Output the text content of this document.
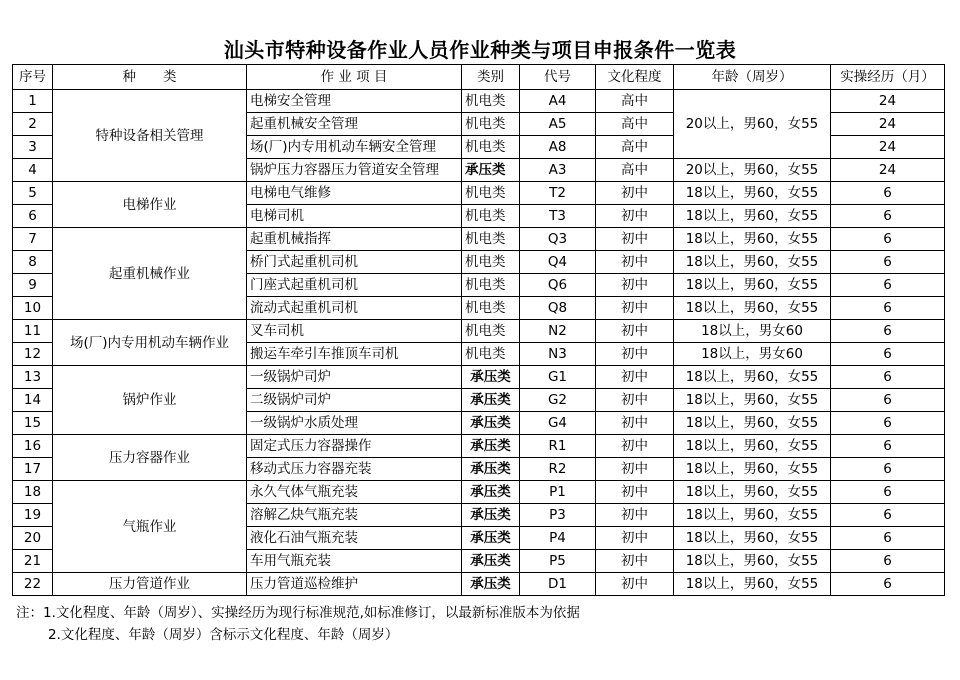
汕头市特种设备作业人员作业种类与项目申报条件一览表
序号	种　　类	作 业 项 目	类别	代号	文化程度	年龄（周岁）	实操经历（月）
1	特种设备相关管理	电梯安全管理	机电类	A4	高中	20以上，男60，女55	24
2		起重机械安全管理	机电类	A5	高中		24
3		场(厂)内专用机动车辆安全管理	机电类	A8	高中		24
4		锅炉压力容器压力管道安全管理	承压类	A3	高中	20以上，男60，女55	24
5	电梯作业	电梯电气维修	机电类	T2	初中	18以上，男60，女55	6
6		电梯司机	机电类	T3	初中	18以上，男60，女55	6
7	起重机械作业	起重机械指挥	机电类	Q3	初中	18以上，男60，女55	6
8		桥门式起重机司机	机电类	Q4	初中	18以上，男60，女55	6
9		门座式起重机司机	机电类	Q6	初中	18以上，男60，女55	6
10		流动式起重机司机	机电类	Q8	初中	18以上，男60，女55	6
11	场(厂)内专用机动车辆作业	叉车司机	机电类	N2	初中	18以上，男女60	6
12		搬运车牵引车推顶车司机	机电类	N3	初中	18以上，男女60	6
13	锅炉作业	一级锅炉司炉	承压类	G1	初中	18以上，男60，女55	6
14		二级锅炉司炉	承压类	G2	初中	18以上，男60，女55	6
15		一级锅炉水质处理	承压类	G4	初中	18以上，男60，女55	6
16	压力容器作业	固定式压力容器操作	承压类	R1	初中	18以上，男60，女55	6
17		移动式压力容器充装	承压类	R2	初中	18以上，男60，女55	6
18	气瓶作业	永久气体气瓶充装	承压类	P1	初中	18以上，男60，女55	6
19		溶解乙炔气瓶充装	承压类	P3	初中	18以上，男60，女55	6
20		液化石油气瓶充装	承压类	P4	初中	18以上，男60，女55	6
21		车用气瓶充装	承压类	P5	初中	18以上，男60，女55	6
22	压力管道作业	压力管道巡检维护	承压类	D1	初中	18以上，男60，女55	6
注：1.文化程度、年龄（周岁）、实操经历为现行标准规范,如标准修订，以最新标准版本为依据
2.文化程度、年龄（周岁）含标示文化程度、年龄（周岁）
